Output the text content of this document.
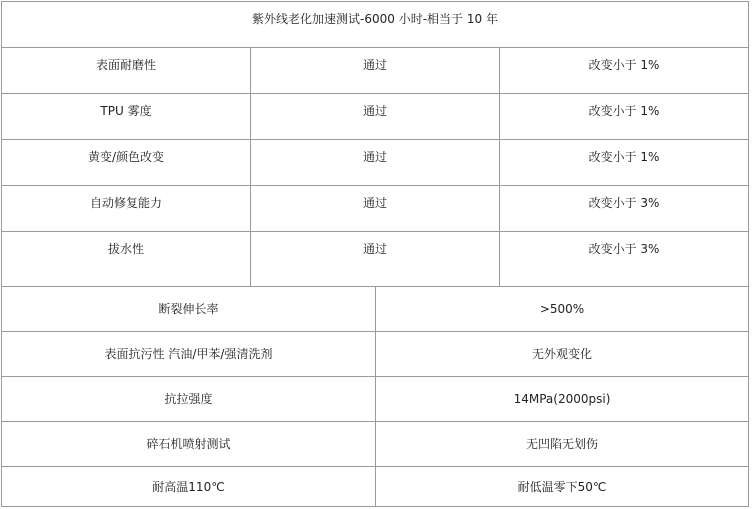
紫外线老化加速测试-6000 小时-相当于 10 年
表面耐磨性	通过	改变小于 1%
TPU 雾度	通过	改变小于 1%
黄变/颜色改变	通过	改变小于 1%
自动修复能力	通过	改变小于 3%
拔水性	通过	改变小于 3%
断裂伸长率	>500%
表面抗污性 汽油/甲苯/强清洗剂	无外观变化
抗拉强度	14MPa(2000psi)
碎石机喷射测试	无凹陷无划伤
耐高温110℃	耐低温零下50℃
